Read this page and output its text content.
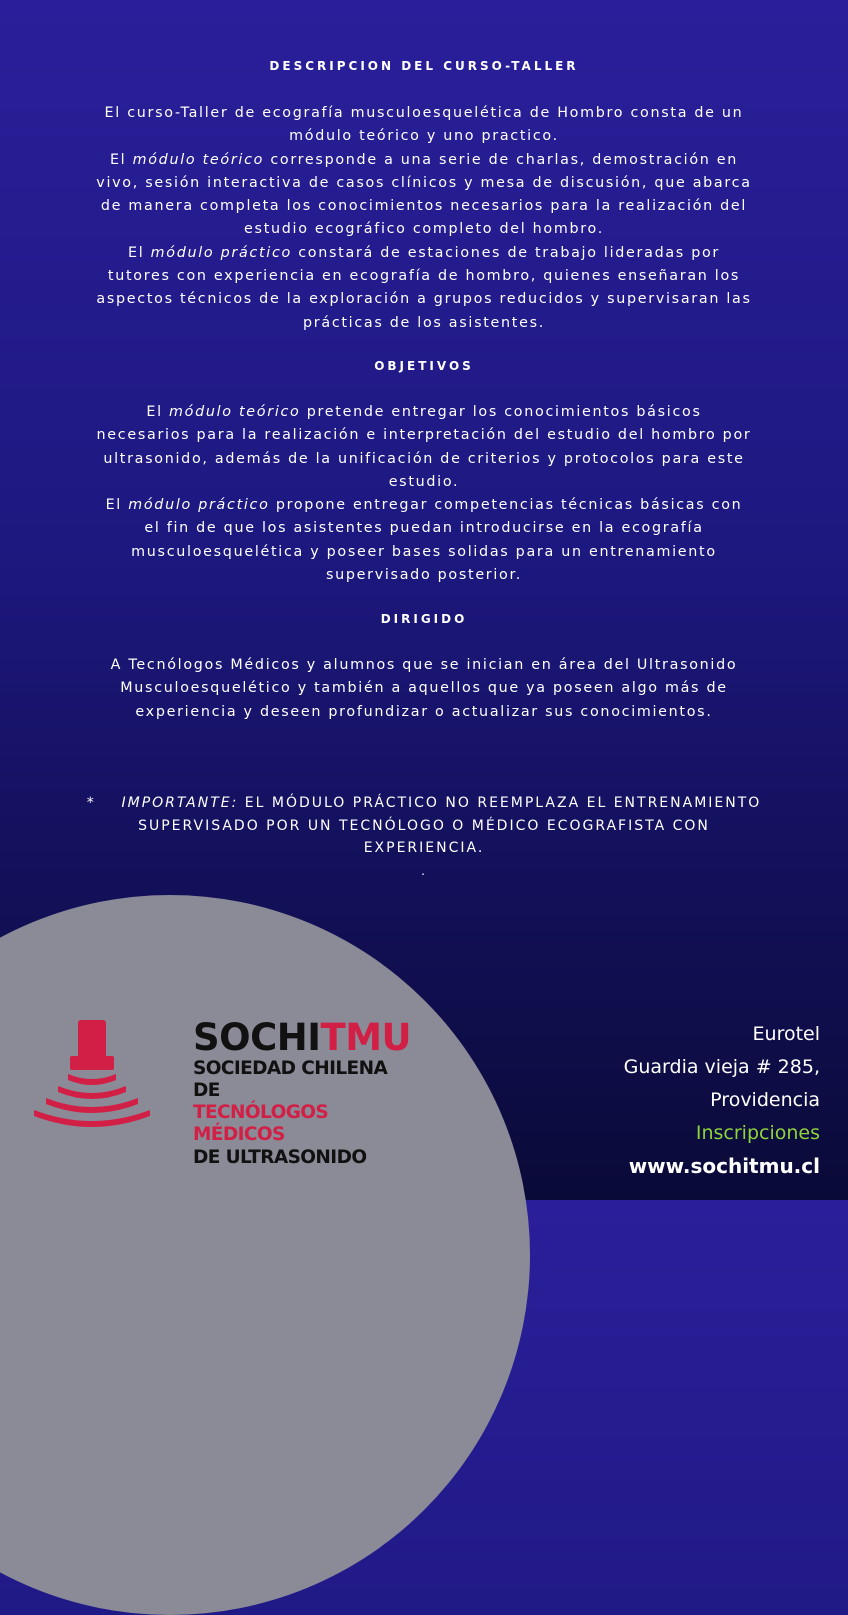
DESCRIPCION DEL CURSO-TALLER

El curso-Taller de ecografía musculoesquelética de Hombro consta de un

módulo teórico y uno practico.

El módulo teórico corresponde a una serie de charlas, demostración en

vivo, sesión interactiva de casos clínicos y mesa de discusión, que abarca

de manera completa los conocimientos necesarios para la realización del

estudio ecográfico completo del hombro.

El módulo práctico constará de estaciones de trabajo lideradas por

tutores con experiencia en ecografía de hombro, quienes enseñaran los

aspectos técnicos de la exploración a grupos reducidos y supervisaran las

prácticas de los asistentes.

OBJETIVOS

El módulo teórico pretende entregar los conocimientos básicos

necesarios para la realización e interpretación del estudio del hombro por

ultrasonido, además de la unificación de criterios y protocolos para este

estudio.

El módulo práctico propone entregar competencias técnicas básicas con

el fin de que los asistentes puedan introducirse en la ecografía

musculoesquelética y poseer bases solidas para un entrenamiento

supervisado posterior.

DIRIGIDO

A Tecnólogos Médicos y alumnos que se inician en área del Ultrasonido

Musculoesquelético y también a aquellos que ya poseen algo más de

experiencia y deseen profundizar o actualizar sus conocimientos.

* IMPORTANTE: EL MÓDULO PRÁCTICO NO REEMPLAZA EL ENTRENAMIENTO

SUPERVISADO POR UN TECNÓLOGO O MÉDICO ECOGRAFISTA CON

EXPERIENCIA.

.

SOCHITMU
SOCIEDAD CHILENA DE
TECNÓLOGOS MÉDICOS
DE ULTRASONIDO
Eurotel
Guardia vieja # 285,
Providencia
Inscripciones
www.sochitmu.cl
